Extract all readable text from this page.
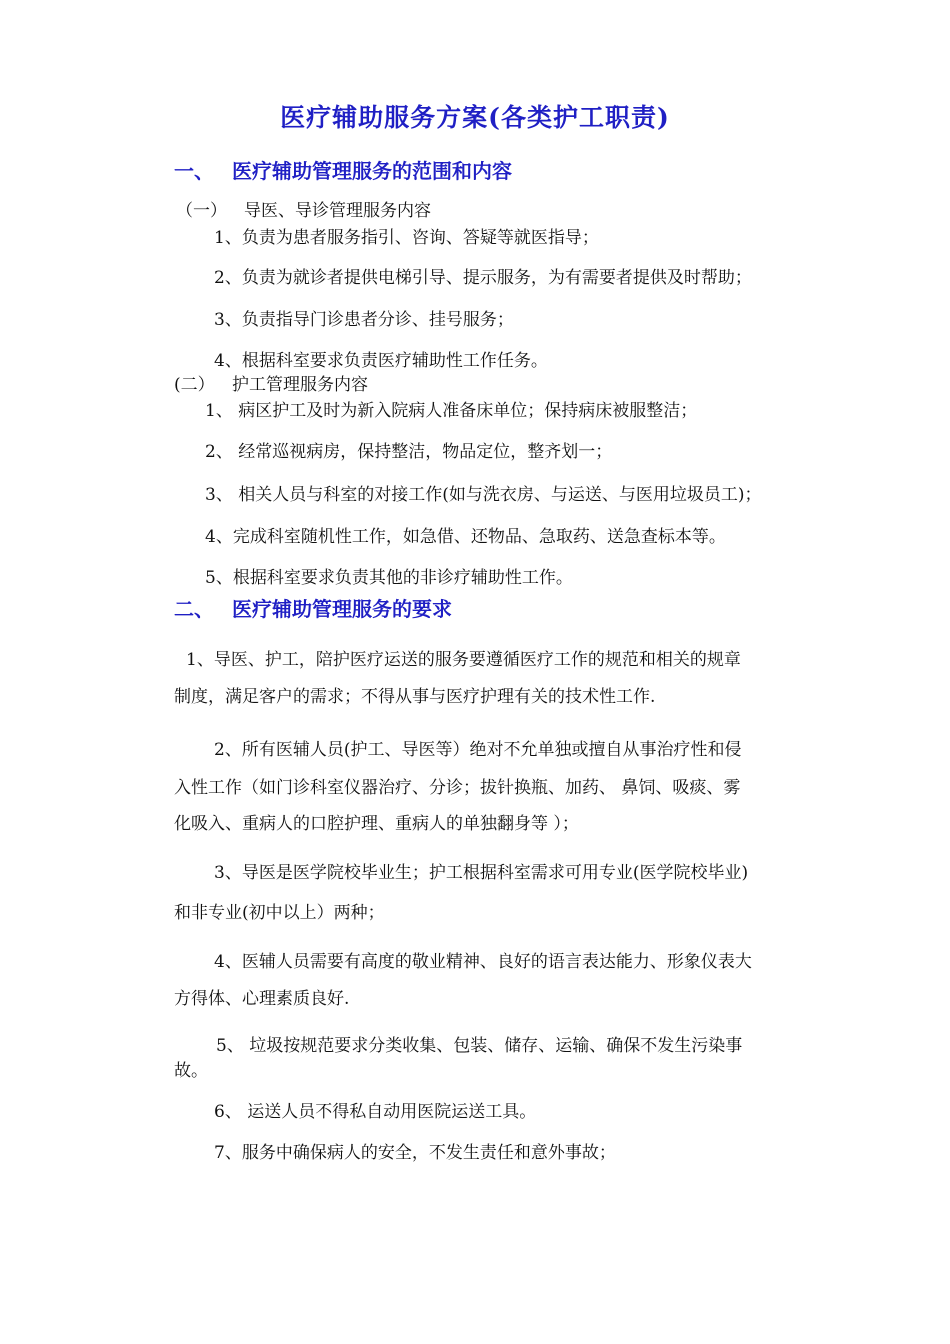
医疗辅助服务方案(各类护工职责)
一、 医疗辅助管理服务的范围和内容
（一） 导医、导诊管理服务内容
1、负责为患者服务指引、咨询、答疑等就医指导；
2、负责为就诊者提供电梯引导、提示服务，为有需要者提供及时帮助；
3、负责指导门诊患者分诊、挂号服务；
4、根据科室要求负责医疗辅助性工作任务。
(二） 护工管理服务内容
1、 病区护工及时为新入院病人准备床单位；保持病床被服整洁；
2、 经常巡视病房，保持整洁，物品定位，整齐划一；
3、 相关人员与科室的对接工作(如与洗衣房、与运送、与医用垃圾员工)；
4、完成科室随机性工作，如急借、还物品、急取药、送急查标本等。
5、根据科室要求负责其他的非诊疗辅助性工作。
二、 医疗辅助管理服务的要求
1、导医、护工，陪护医疗运送的服务要遵循医疗工作的规范和相关的规章
制度，满足客户的需求；不得从事与医疗护理有关的技术性工作.
2、所有医辅人员(护工、导医等）绝对不允单独或擅自从事治疗性和侵
入性工作（如门诊科室仪器治疗、分诊；拔针换瓶、加药、 鼻饲、吸痰、雾
化吸入、重病人的口腔护理、重病人的单独翻身等 ）；
3、导医是医学院校毕业生；护工根据科室需求可用专业(医学院校毕业)
和非专业(初中以上）两种；
4、医辅人员需要有高度的敬业精神、良好的语言表达能力、形象仪表大
方得体、心理素质良好.
5、 垃圾按规范要求分类收集、包装、储存、运输、确保不发生污染事
故。
6、 运送人员不得私自动用医院运送工具。
7、服务中确保病人的安全，不发生责任和意外事故；
